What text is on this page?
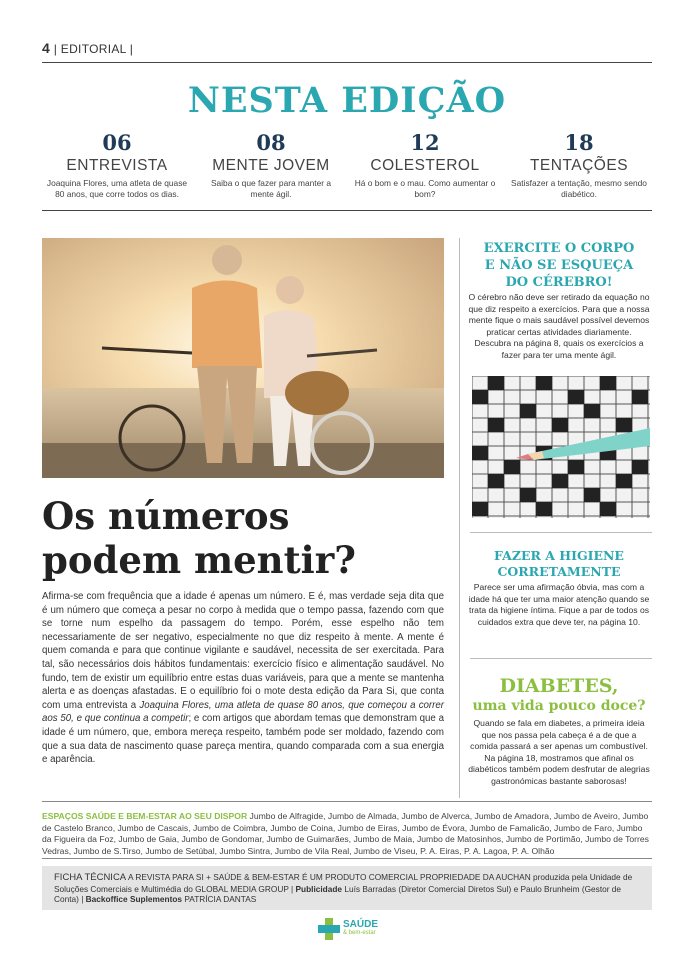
4 | EDITORIAL |
NESTA EDIÇÃO
06
ENTREVISTA
Joaquina Flores, uma atleta de quase 80 anos, que corre todos os dias.
08
MENTE JOVEM
Saiba o que fazer para manter a mente ágil.
12
COLESTEROL
Há o bom e o mau. Como aumentar o bom?
18
TENTAÇÕES
Satisfazer a tentação, mesmo sendo diabético.
EXERCITE O CORPO
E NÃO SE ESQUEÇA
DO CÉREBRO!
O cérebro não deve ser retirado da equação no que diz respeito a exercícios. Para que a nossa mente fique o mais saudável possível devemos praticar certas atividades diariamente. Descubra na página 8, quais os exercícios a fazer para ter uma mente ágil.
FAZER A HIGIENE
CORRETAMENTE
Parece ser uma afirmação óbvia, mas com a idade há que ter uma maior atenção quando se trata da higiene íntima. Fique a par de todos os cuidados extra que deve ter, na página 10.
DIABETES,
uma vida pouco doce?
Quando se fala em diabetes, a primeira ideia que nos passa pela cabeça é a de que a comida passará a ser apenas um combustível. Na página 18, mostramos que afinal os diabéticos também podem desfrutar de alegrias gastronómicas bastante saborosas!
Os números
podem mentir?
Afirma-se com frequência que a idade é apenas um número. E é, mas verdade seja dita que é um número que começa a pesar no corpo à medida que o tempo passa, fazendo com que se torne num espelho da passagem do tempo. Porém, esse espelho não tem necessariamente de ser negativo, especialmente no que diz respeito à mente. A mente é quem comanda e para que continue vigilante e saudável, necessita de ser exercitada. Para tal, são necessários dois hábitos fundamentais: exercício físico e alimentação saudável. No fundo, tem de existir um equilíbrio entre estas duas variáveis, para que a mente se mantenha alerta e as doenças afastadas. E o equilíbrio foi o mote desta edição da Para Si, que conta com uma entrevista a Joaquina Flores, uma atleta de quase 80 anos, que começou a correr aos 50, e que continua a competir; e com artigos que abordam temas que demonstram que a idade é um número, que, embora mereça respeito, também pode ser moldado, fazendo com que a sua data de nascimento quase pareça mentira, quando comparada com a sua energia e aparência.
ESPAÇOS SAÚDE E BEM-ESTAR AO SEU DISPOR Jumbo de Alfragide, Jumbo de Almada, Jumbo de Alverca, Jumbo de Amadora, Jumbo de Aveiro, Jumbo de Castelo Branco, Jumbo de Cascais, Jumbo de Coimbra, Jumbo de Coina, Jumbo de Eiras, Jumbo de Évora, Jumbo de Famalicão, Jumbo de Faro, Jumbo da Figueira da Foz, Jumbo de Gaia, Jumbo de Gondomar, Jumbo de Guimarães, Jumbo de Maia, Jumbo de Matosinhos, Jumbo de Portimão, Jumbo de Torres Vedras, Jumbo de S.Tirso, Jumbo de Setúbal, Jumbo Sintra, Jumbo de Vila Real, Jumbo de Viseu, P. A. Eiras, P. A. Lagoa, P. A. Olhão
FICHA TÉCNICA A REVISTA PARA SI + SAÚDE & BEM-ESTAR É UM PRODUTO COMERCIAL PROPRIEDADE DA AUCHAN produzida pela Unidade de Soluções Comerciais e Multimédia do GLOBAL MEDIA GROUP | Publicidade Luís Barradas (Diretor Comercial Diretos Sul) e Paulo Brunheim (Gestor de Conta) | Backoffice Suplementos PATRÍCIA DANTAS
SAÚDE
& bem-estar
